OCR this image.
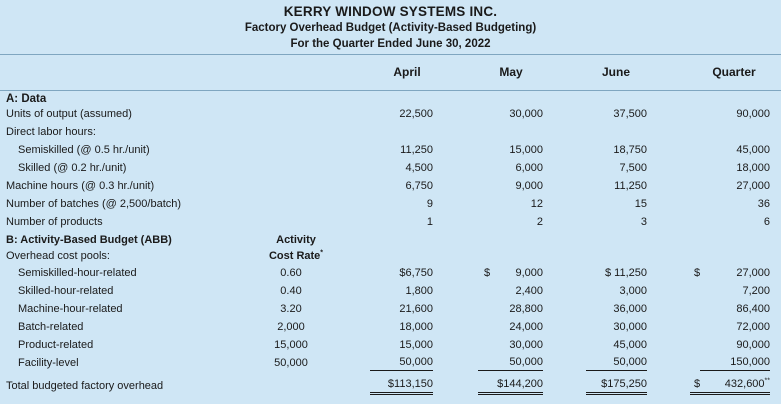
KERRY WINDOW SYSTEMS INC.
Factory Overhead Budget (Activity-Based Budgeting)
For the Quarter Ended June 30, 2022
April	May	June	Quarter
A: Data
Units of output (assumed)	22,500	30,000	37,500	90,000
Direct labor hours:
Semiskilled (@ 0.5 hr./unit)	11,250	15,000	18,750	45,000
Skilled (@ 0.2 hr./unit)	4,500	6,000	7,500	18,000
Machine hours (@ 0.3 hr./unit)	6,750	9,000	11,250	27,000
Number of batches (@ 2,500/batch)	9	12	15	36
Number of products	1	2	3	6
B: Activity-Based Budget (ABB)	Activity
Overhead cost pools:	Cost Rate*
Semiskilled-hour-related	0.60	$6,750	$	9,000	$ 11,250	$	27,000
Skilled-hour-related	0.40	1,800	2,400	3,000	7,200
Machine-hour-related	3.20	21,600	28,800	36,000	86,400
Batch-related	2,000	18,000	24,000	30,000	72,000
Product-related	15,000	15,000	30,000	45,000	90,000
Facility-level	50,000	50,000	50,000	50,000	150,000
Total budgeted factory overhead	$113,150	$144,200	$175,250	$ 432,600**
